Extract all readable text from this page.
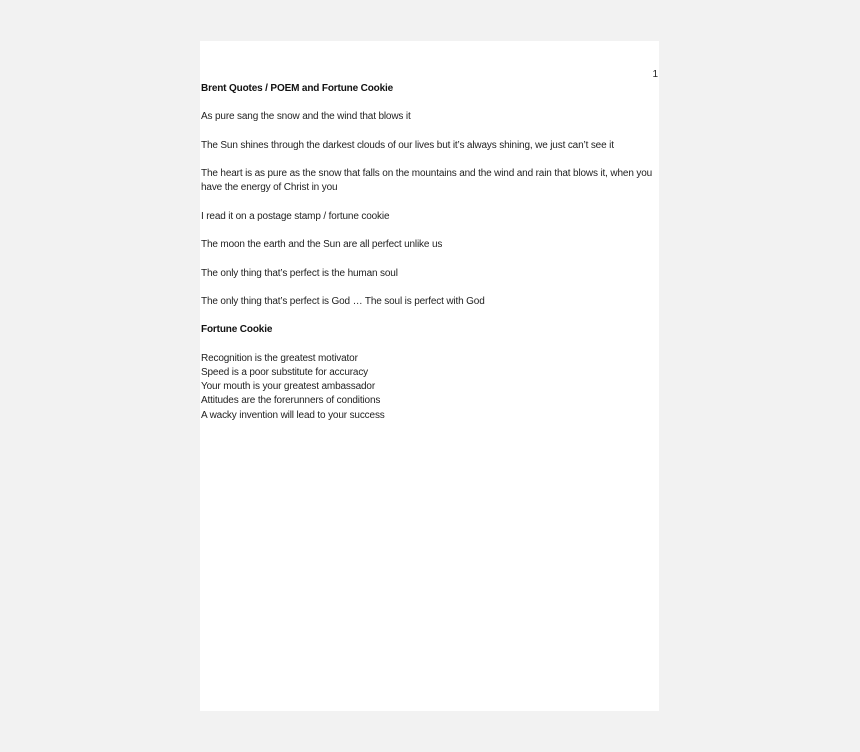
1

Brent Quotes / POEM and Fortune Cookie

As pure sang the snow and the wind that blows it

The Sun shines through the darkest clouds of our lives but it’s always shining, we just can’t see it

The heart is as pure as the snow that falls on the mountains and the wind and rain that blows it, when you have the energy of Christ in you

I read it on a postage stamp / fortune cookie

The moon the earth and the Sun are all perfect unlike us

The only thing that’s perfect is the human soul

The only thing that’s perfect is God … The soul is perfect with God

Fortune Cookie

Recognition is the greatest motivator
Speed is a poor substitute for accuracy
Your mouth is your greatest ambassador
Attitudes are the forerunners of conditions
A wacky invention will lead to your success
